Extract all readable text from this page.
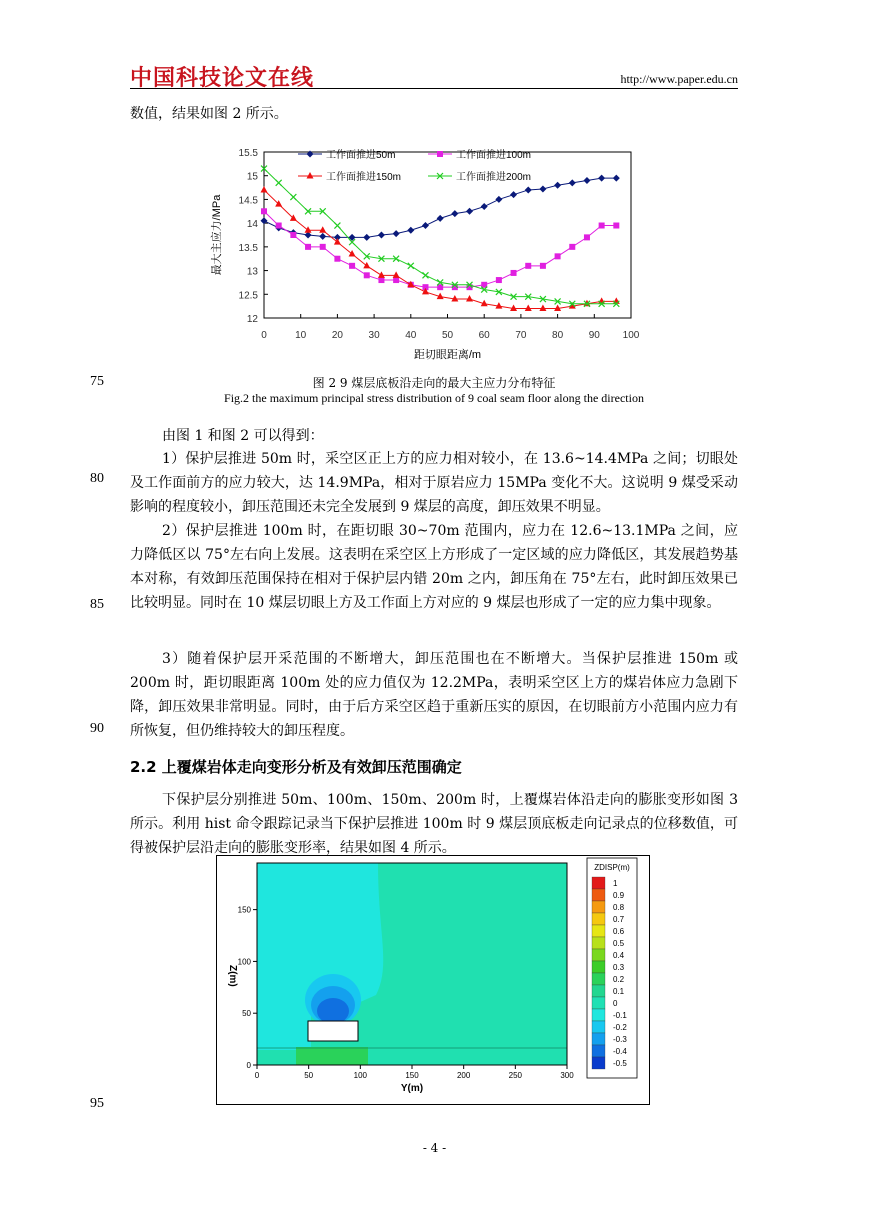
中国科技论文在线	http://www.paper.edu.cn
数值，结果如图 2 所示。
12
12.5
13
13.5
14
14.5
15
15.5
0	10	20	30	40	50	60	70	80	90 100
距切眼距离/m
最大主应力/MPa
工作面推进50m	工作面推进100m
工作面推进150m	工作面推进200m
75	图 2 9 煤层底板沿走向的最大主应力分布特征
Fig.2 the maximum principal stress distribution of 9 coal seam floor along the direction
由图 1 和图 2 可以得到：
1）保护层推进 50m 时，采空区正上方的应力相对较小，在 13.6~14.4MPa 之间；切眼处及工作面前方的应力较大，达 14.9MPa，相对于原岩应力 15MPa 变化不大。这说明 9 煤受采动影响的程度较小，卸压范围还未完全发展到 9 煤层的高度，卸压效果不明显。
80
2）保护层推进 100m 时，在距切眼 30~70m 范围内，应力在 12.6~13.1MPa 之间，应力降低区以 75°左右向上发展。这表明在采空区上方形成了一定区域的应力降低区，其发展趋势基本对称，有效卸压范围保持在相对于保护层内错 20m 之内，卸压角在 75°左右，此时卸压效果已比较明显。同时在 10 煤层切眼上方及工作面上方对应的 9 煤层也形成了一定的应力集中现象。
85
3）随着保护层开采范围的不断增大，卸压范围也在不断增大。当保护层推进 150m 或 200m 时，距切眼距离 100m 处的应力值仅为 12.2MPa，表明采空区上方的煤岩体应力急剧下降，卸压效果非常明显。同时，由于后方采空区趋于重新压实的原因，在切眼前方小范围内应力有所恢复，但仍维持较大的卸压程度。
90
2.2 上覆煤岩体走向变形分析及有效卸压范围确定
下保护层分别推进 50m、100m、150m、200m 时，上覆煤岩体沿走向的膨胀变形如图 3 所示。利用 hist 命令跟踪记录当下保护层推进 100m 时 9 煤层顶底板走向记录点的位移数值，可得被保护层沿走向的膨胀变形率，结果如图 4 所示。
Z(m)
Y(m)
0	50	100	150	200	250	300
0
50
100
150
ZDISP(m)
1
0.9
0.8
0.7
0.6
0.5
0.4
0.3
0.2
0.1
0
-0.1
-0.2
-0.3
-0.4
-0.5
95
- 4 -
